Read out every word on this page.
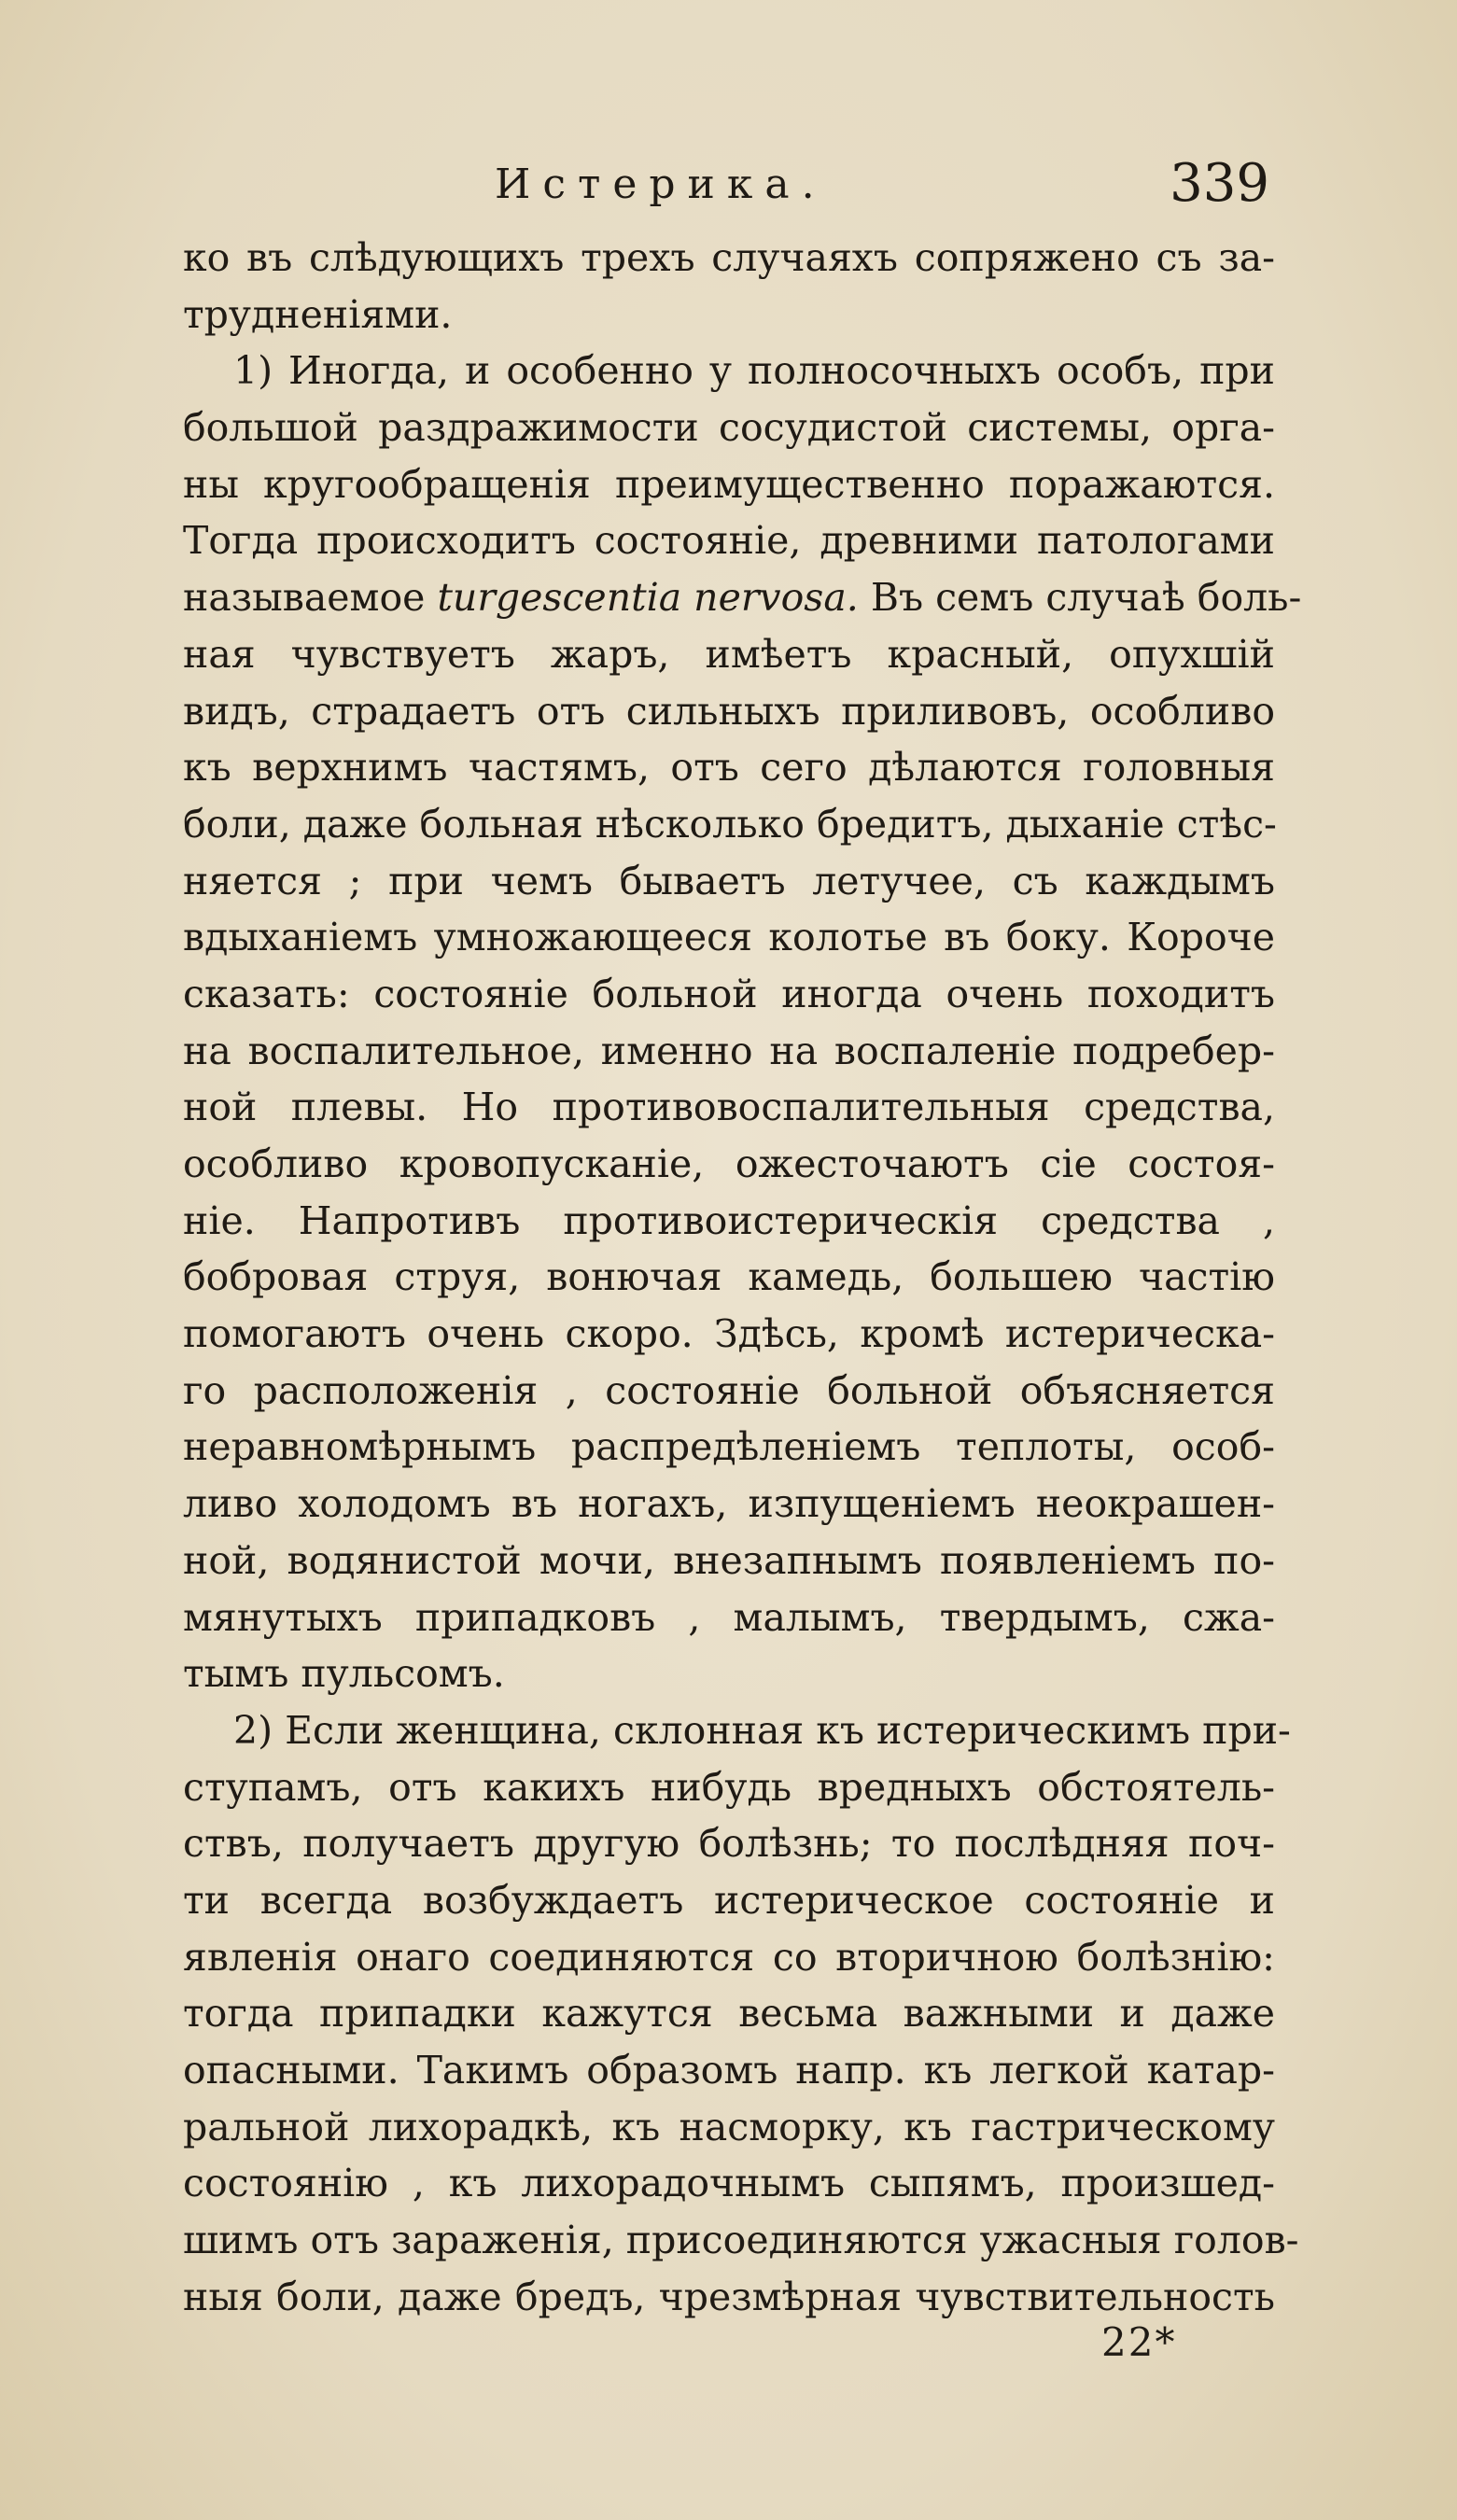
Истерика.	339
ко въ слѣдующихъ трехъ случаяхъ сопряжено съ за-
трудненіями.
1) Иногда, и особенно у полносочныхъ особъ, при
большой раздражимости сосудистой системы, орга-
ны кругообращенія преимущественно поражаются.
Тогда происходитъ состояніе, древними патологами
называемое turgescentia nervosa. Въ семъ случаѣ боль-
ная чувствуетъ жаръ, имѣетъ красный, опухшій
видъ, страдаетъ отъ сильныхъ приливовъ, особливо
къ верхнимъ частямъ, отъ сего дѣлаются головныя
боли, даже больная нѣсколько бредитъ, дыханіе стѣс-
няется ; при чемъ бываетъ летучее, съ каждымъ
вдыханіемъ умножающееся колотье въ боку. Короче
сказать: состояніе больной иногда очень походитъ
на воспалительное, именно на воспаленіе подребер-
ной плевы. Но противовоспалительныя средства,
особливо кровопусканіе, ожесточаютъ сіе состоя-
ніе. Напротивъ противоистерическія средства ,
бобровая струя, вонючая камедь, большею частію
помогаютъ очень скоро. Здѣсь, кромѣ истерическа-
го расположенія , состояніе больной объясняется
неравномѣрнымъ распредѣленіемъ теплоты, особ-
ливо холодомъ въ ногахъ, изпущеніемъ неокрашен-
ной, водянистой мочи, внезапнымъ появленіемъ по-
мянутыхъ припадковъ , малымъ, твердымъ, сжа-
тымъ пульсомъ.
2) Если женщина, склонная къ истерическимъ при-
ступамъ, отъ какихъ нибудь вредныхъ обстоятель-
ствъ, получаетъ другую болѣзнь; то послѣдняя поч-
ти всегда возбуждаетъ истерическое состояніе и
явленія онаго соединяются со вторичною болѣзнію:
тогда припадки кажутся весьма важными и даже
опасными. Такимъ образомъ напр. къ легкой катар-
ральной лихорадкѣ, къ насморку, къ гастрическому
состоянію , къ лихорадочнымъ сыпямъ, произшед-
шимъ отъ зараженія, присоединяются ужасныя голов-
ныя боли, даже бредъ, чрезмѣрная чувствительность
22*
